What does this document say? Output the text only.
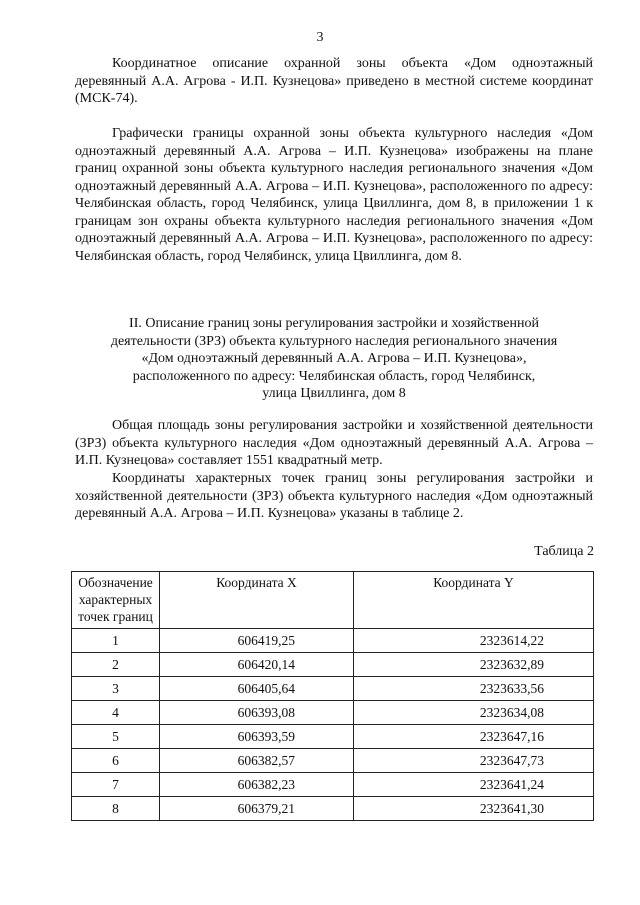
3

Координатное описание охранной зоны объекта «Дом одноэтажный деревянный А.А. Агрова - И.П. Кузнецова» приведено в местной системе координат (МСК-74).

Графически границы охранной зоны объекта культурного наследия «Дом одноэтажный деревянный А.А. Агрова – И.П. Кузнецова» изображены на плане границ охранной зоны объекта культурного наследия регионального значения «Дом одноэтажный деревянный А.А. Агрова – И.П. Кузнецова», расположенного по адресу: Челябинская область, город Челябинск, улица Цвиллинга, дом 8, в приложении 1 к границам зон охраны объекта культурного наследия регионального значения «Дом одноэтажный деревянный А.А. Агрова – И.П. Кузнецова», расположенного по адресу: Челябинская область, город Челябинск, улица Цвиллинга, дом 8.

II. Описание границ зоны регулирования застройки и хозяйственной
деятельности (ЗРЗ) объекта культурного наследия регионального значения
«Дом одноэтажный деревянный А.А. Агрова – И.П. Кузнецова»,
расположенного по адресу: Челябинская область, город Челябинск,
улица Цвиллинга, дом 8

Общая площадь зоны регулирования застройки и хозяйственной деятельности (ЗРЗ) объекта культурного наследия «Дом одноэтажный деревянный А.А. Агрова – И.П. Кузнецова» составляет 1551 квадратный метр.

Координаты характерных точек границ зоны регулирования застройки и хозяйственной деятельности (ЗРЗ) объекта культурного наследия «Дом одноэтажный деревянный А.А. Агрова – И.П. Кузнецова» указаны в таблице 2.

Таблица 2
Обозначение характерных точек границ	Координата X	Координата Y
1	606419,25	2323614,22
2	606420,14	2323632,89
3	606405,64	2323633,56
4	606393,08	2323634,08
5	606393,59	2323647,16
6	606382,57	2323647,73
7	606382,23	2323641,24
8	606379,21	2323641,30
